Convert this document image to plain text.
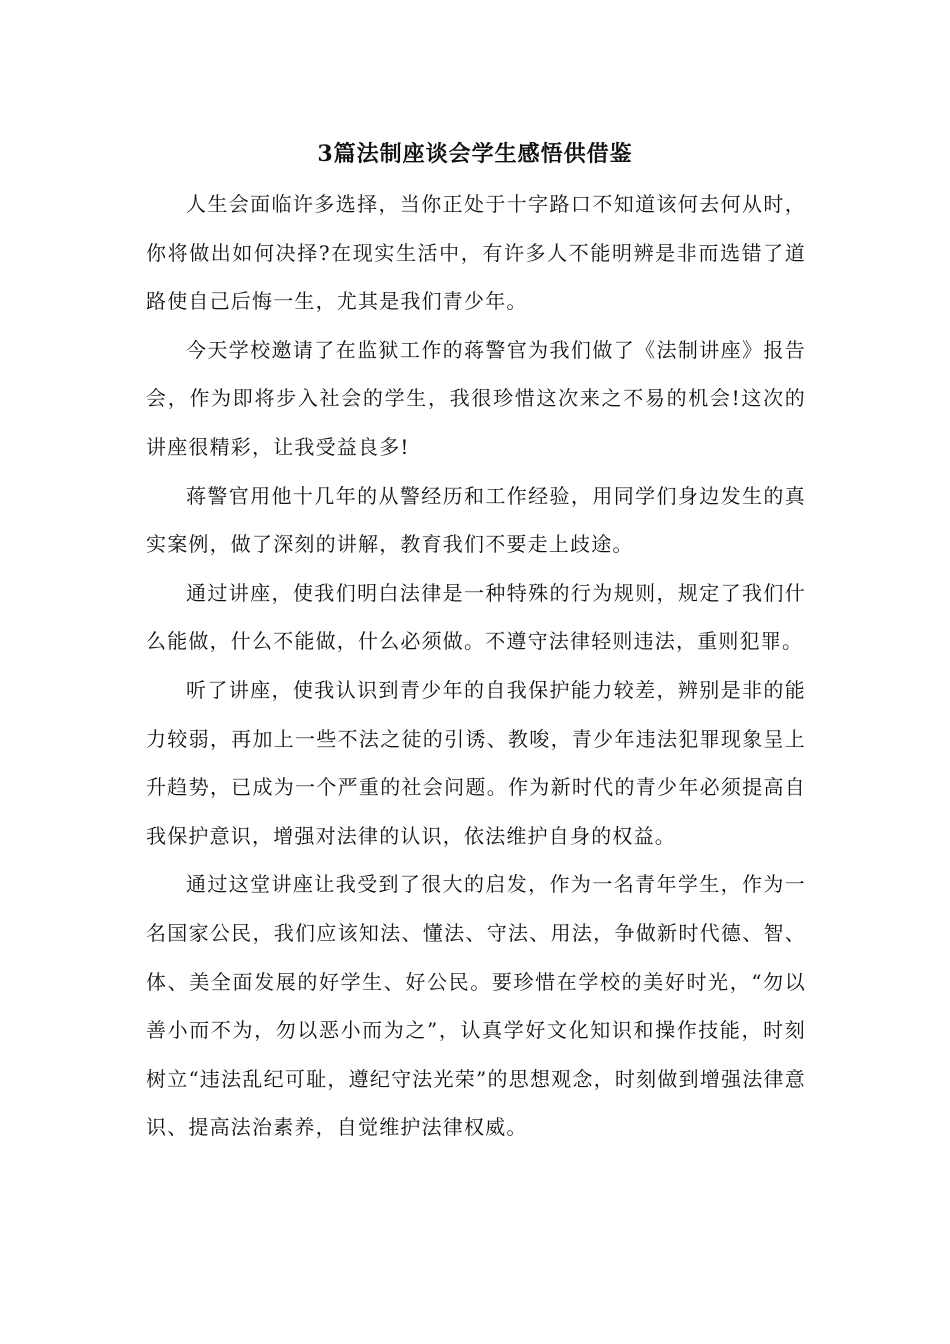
3篇法制座谈会学生感悟供借鉴

人生会面临许多选择，当你正处于十字路口不知道该何去何从时，你将做出如何决择?在现实生活中，有许多人不能明辨是非而选错了道路使自己后悔一生，尤其是我们青少年。

今天学校邀请了在监狱工作的蒋警官为我们做了《法制讲座》报告会，作为即将步入社会的学生，我很珍惜这次来之不易的机会!这次的讲座很精彩，让我受益良多!

蒋警官用他十几年的从警经历和工作经验，用同学们身边发生的真实案例，做了深刻的讲解，教育我们不要走上歧途。

通过讲座，使我们明白法律是一种特殊的行为规则，规定了我们什么能做，什么不能做，什么必须做。不遵守法律轻则违法，重则犯罪。

听了讲座，使我认识到青少年的自我保护能力较差，辨别是非的能力较弱，再加上一些不法之徒的引诱、教唆，青少年违法犯罪现象呈上升趋势，已成为一个严重的社会问题。作为新时代的青少年必须提高自我保护意识，增强对法律的认识，依法维护自身的权益。

通过这堂讲座让我受到了很大的启发，作为一名青年学生，作为一名国家公民，我们应该知法、懂法、守法、用法，争做新时代德、智、体、美全面发展的好学生、好公民。要珍惜在学校的美好时光，“勿以善小而不为，勿以恶小而为之”，认真学好文化知识和操作技能，时刻树立“违法乱纪可耻，遵纪守法光荣”的思想观念，时刻做到增强法律意识、提高法治素养，自觉维护法律权威。
